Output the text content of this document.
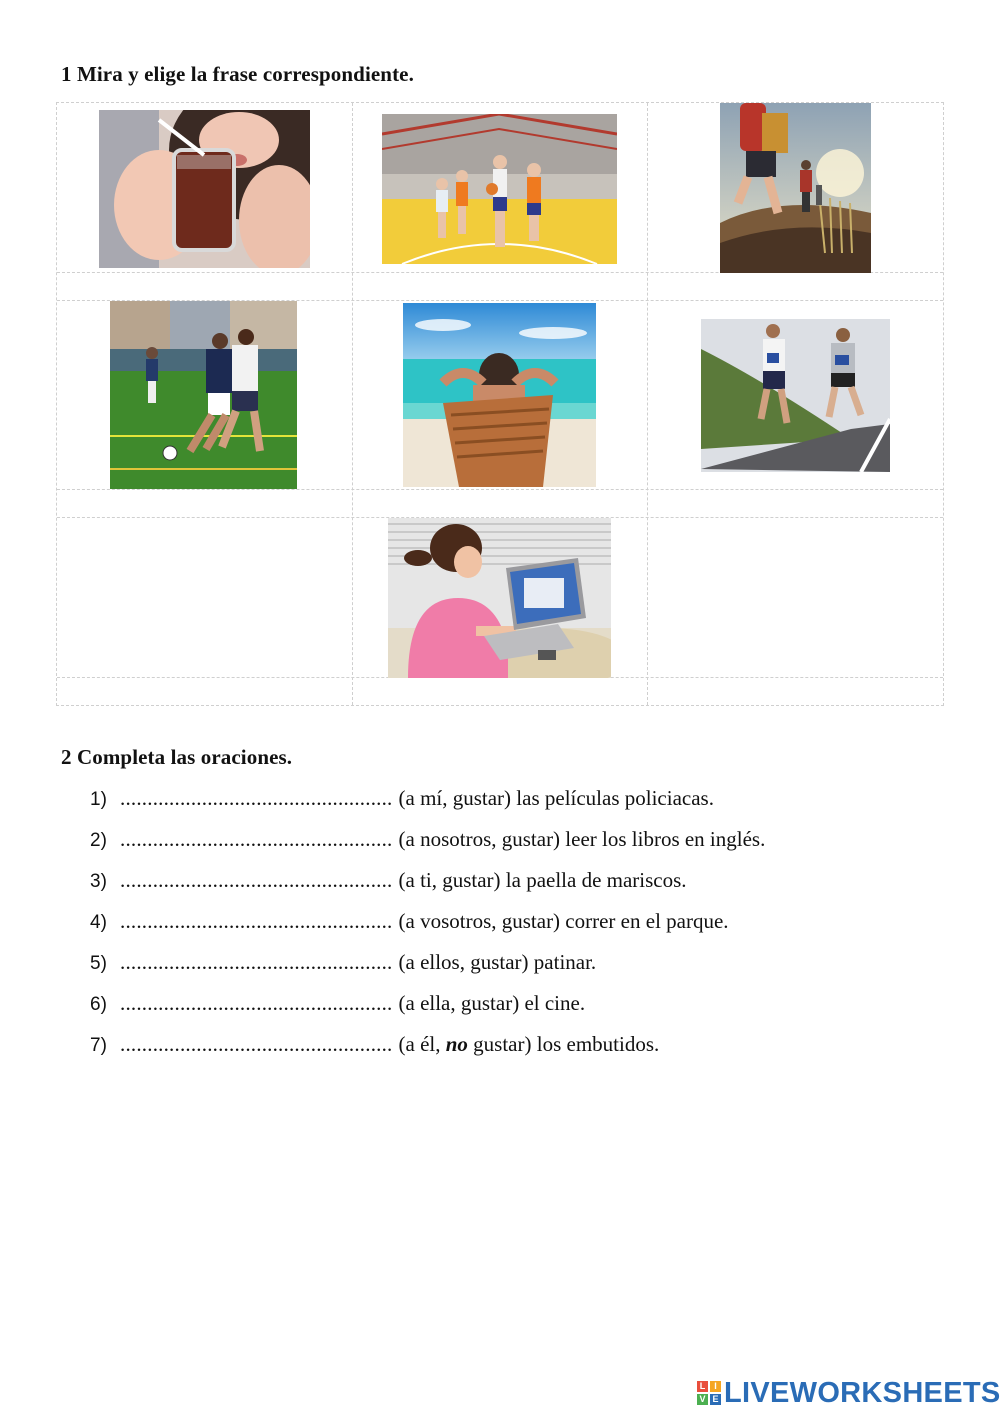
1 Mira y elige la frase correspondiente.
2 Completa las oraciones.
1) .................................................. (a mí, gustar) las películas policiacas.
2) .................................................. (a nosotros, gustar) leer los libros en inglés.
3) .................................................. (a ti, gustar) la paella de mariscos.
4) .................................................. (a vosotros, gustar) correr en el parque.
5) .................................................. (a ellos, gustar) patinar.
6) .................................................. (a ella, gustar) el cine.
7) .................................................. (a él, no gustar) los embutidos.
L I
V E LIVEWORKSHEETS
